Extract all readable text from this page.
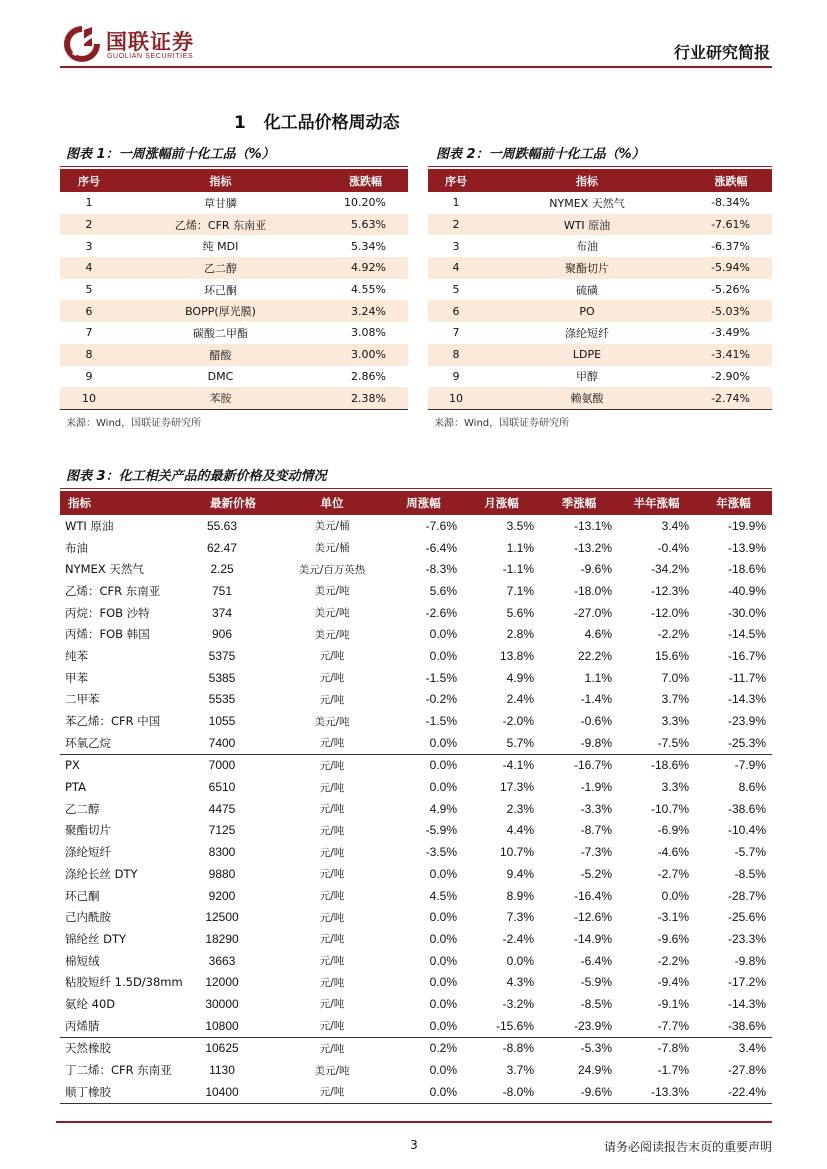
国联证券
GUOLIAN SECURITIES	行业研究简报
1 化工品价格周动态
图表 1：一周涨幅前十化工品（%）
序号	指标	涨跌幅
1	草甘膦	10.20%
2	乙烯：CFR 东南亚	5.63%
3	纯 MDI	5.34%
4	乙二醇	4.92%
5	环己酮	4.55%
6	BOPP(厚光膜)	3.24%
7	碳酸二甲酯	3.08%
8	醋酸	3.00%
9	DMC	2.86%
10	苯胺	2.38%
来源：Wind，国联证券研究所
图表 2：一周跌幅前十化工品（%）
序号	指标	涨跌幅
1	NYMEX 天然气	-8.34%
2	WTI 原油	-7.61%
3	布油	-6.37%
4	聚酯切片	-5.94%
5	硫磺	-5.26%
6	PO	-5.03%
7	涤纶短纤	-3.49%
8	LDPE	-3.41%
9	甲醇	-2.90%
10	赖氨酸	-2.74%
来源：Wind，国联证券研究所
图表 3：化工相关产品的最新价格及变动情况
指标	最新价格	单位	周涨幅	月涨幅	季涨幅	半年涨幅	年涨幅
WTI 原油	55.63	美元/桶	-7.6%	3.5%	-13.1%	3.4%	-19.9%
布油	62.47	美元/桶	-6.4%	1.1%	-13.2%	-0.4%	-13.9%
NYMEX 天然气	2.25	美元/百万英热	-8.3%	-1.1%	-9.6%	-34.2%	-18.6%
乙烯：CFR 东南亚	751	美元/吨	5.6%	7.1%	-18.0%	-12.3%	-40.9%
丙烷：FOB 沙特	374	美元/吨	-2.6%	5.6%	-27.0%	-12.0%	-30.0%
丙烯：FOB 韩国	906	美元/吨	0.0%	2.8%	4.6%	-2.2%	-14.5%
纯苯	5375	元/吨	0.0%	13.8%	22.2%	15.6%	-16.7%
甲苯	5385	元/吨	-1.5%	4.9%	1.1%	7.0%	-11.7%
二甲苯	5535	元/吨	-0.2%	2.4%	-1.4%	3.7%	-14.3%
苯乙烯：CFR 中国	1055	美元/吨	-1.5%	-2.0%	-0.6%	3.3%	-23.9%
环氧乙烷	7400	元/吨	0.0%	5.7%	-9.8%	-7.5%	-25.3%
PX	7000	元/吨	0.0%	-4.1%	-16.7%	-18.6%	-7.9%
PTA	6510	元/吨	0.0%	17.3%	-1.9%	3.3%	8.6%
乙二醇	4475	元/吨	4.9%	2.3%	-3.3%	-10.7%	-38.6%
聚酯切片	7125	元/吨	-5.9%	4.4%	-8.7%	-6.9%	-10.4%
涤纶短纤	8300	元/吨	-3.5%	10.7%	-7.3%	-4.6%	-5.7%
涤纶长丝 DTY	9880	元/吨	0.0%	9.4%	-5.2%	-2.7%	-8.5%
环己酮	9200	元/吨	4.5%	8.9%	-16.4%	0.0%	-28.7%
己内酰胺	12500	元/吨	0.0%	7.3%	-12.6%	-3.1%	-25.6%
锦纶丝 DTY	18290	元/吨	0.0%	-2.4%	-14.9%	-9.6%	-23.3%
棉短绒	3663	元/吨	0.0%	0.0%	-6.4%	-2.2%	-9.8%
粘胶短纤 1.5D/38mm	12000	元/吨	0.0%	4.3%	-5.9%	-9.4%	-17.2%
氨纶 40D	30000	元/吨	0.0%	-3.2%	-8.5%	-9.1%	-14.3%
丙烯腈	10800	元/吨	0.0%	-15.6%	-23.9%	-7.7%	-38.6%
天然橡胶	10625	元/吨	0.2%	-8.8%	-5.3%	-7.8%	3.4%
丁二烯：CFR 东南亚	1130	美元/吨	0.0%	3.7%	24.9%	-1.7%	-27.8%
顺丁橡胶	10400	元/吨	0.0%	-8.0%	-9.6%	-13.3%	-22.4%
3	请务必阅读报告末页的重要声明
